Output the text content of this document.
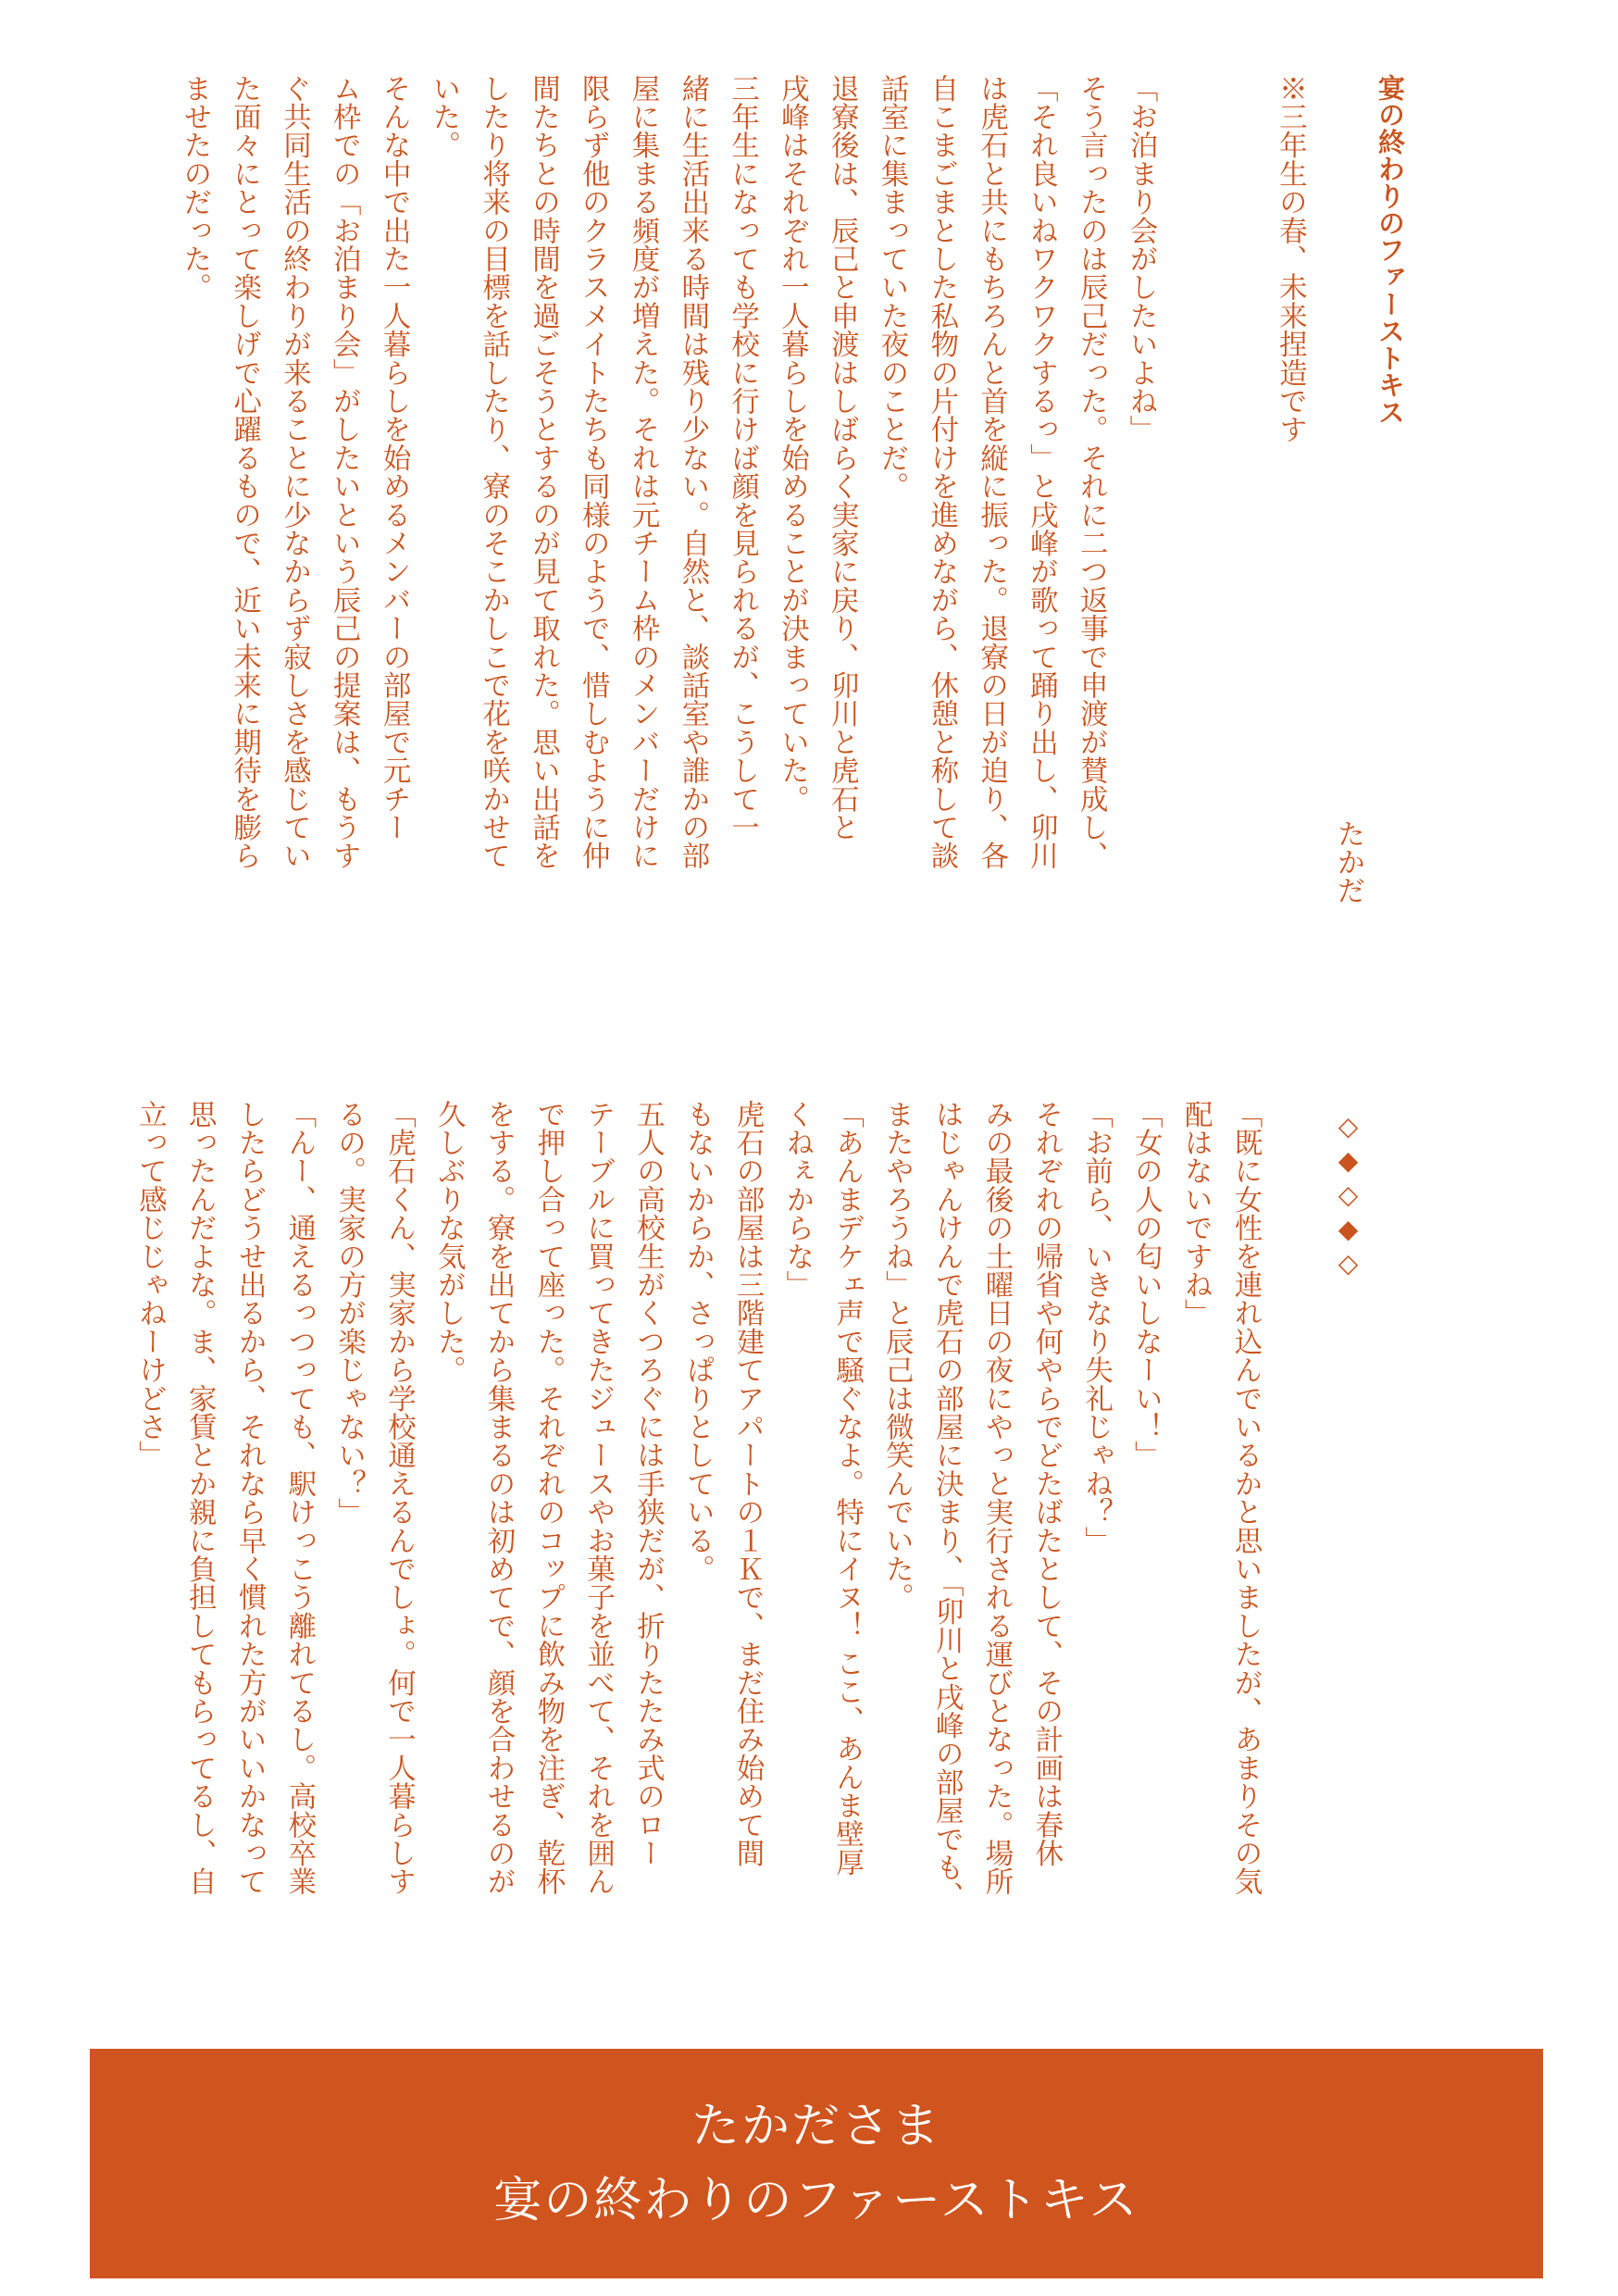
宴の終わりのファーストキス

※三年生の春、未来捏造です

「お泊まり会がしたいよね」

そう言ったのは辰己だった。それに二つ返事で申渡が賛成し、

「それ良いねワクワクするっ」と戌峰が歌って踊り出し、卯川

は虎石と共にもちろんと首を縦に振った。退寮の日が迫り、各

自こまごまとした私物の片付けを進めながら、休憩と称して談

話室に集まっていた夜のことだ。

退寮後は、辰己と申渡はしばらく実家に戻り、卯川と虎石と

戌峰はそれぞれ一人暮らしを始めることが決まっていた。

三年生になっても学校に行けば顔を見られるが、こうして一

緒に生活出来る時間は残り少ない。自然と、談話室や誰かの部

屋に集まる頻度が増えた。それは元チーム枠のメンバーだけに

限らず他のクラスメイトたちも同様のようで、惜しむように仲

間たちとの時間を過ごそうとするのが見て取れた。思い出話を

したり将来の目標を話したり、寮のそこかしこで花を咲かせて

いた。

そんな中で出た一人暮らしを始めるメンバーの部屋で元チー

ム枠での「お泊まり会」がしたいという辰己の提案は、もうす

ぐ共同生活の終わりが来ることに少なからず寂しさを感じてい

た面々にとって楽しげで心躍るもので、近い未来に期待を膨ら

ませたのだった。

たかだ
◇◆◇◆◇

「既に女性を連れ込んでいるかと思いましたが、あまりその気

配はないですね」

「女の人の匂いしなーい！」

「お前ら、いきなり失礼じゃね？」

それぞれの帰省や何やらでどたばたとして、その計画は春休

みの最後の土曜日の夜にやっと実行される運びとなった。場所

はじゃんけんで虎石の部屋に決まり、「卯川と戌峰の部屋でも、

またやろうね」と辰己は微笑んでいた。

「あんまデケェ声で騒ぐなよ。特にイヌ！ ここ、あんま壁厚

くねぇからな」

虎石の部屋は三階建てアパートの１Ｋで、まだ住み始めて間

もないからか、さっぱりとしている。

五人の高校生がくつろぐには手狭だが、折りたたみ式のロー

テーブルに買ってきたジュースやお菓子を並べて、それを囲ん

で押し合って座った。それぞれのコップに飲み物を注ぎ、乾杯

をする。寮を出てから集まるのは初めてで、顔を合わせるのが

久しぶりな気がした。

「虎石くん、実家から学校通えるんでしょ。何で一人暮らしす

るの。実家の方が楽じゃない？」

「んー、通えるっつっても、駅けっこう離れてるし。高校卒業

したらどうせ出るから、それなら早く慣れた方がいいかなって

思ったんだよな。ま、家賃とか親に負担してもらってるし、自

立って感じじゃねーけどさ」

たかださま
宴の終わりのファーストキス
